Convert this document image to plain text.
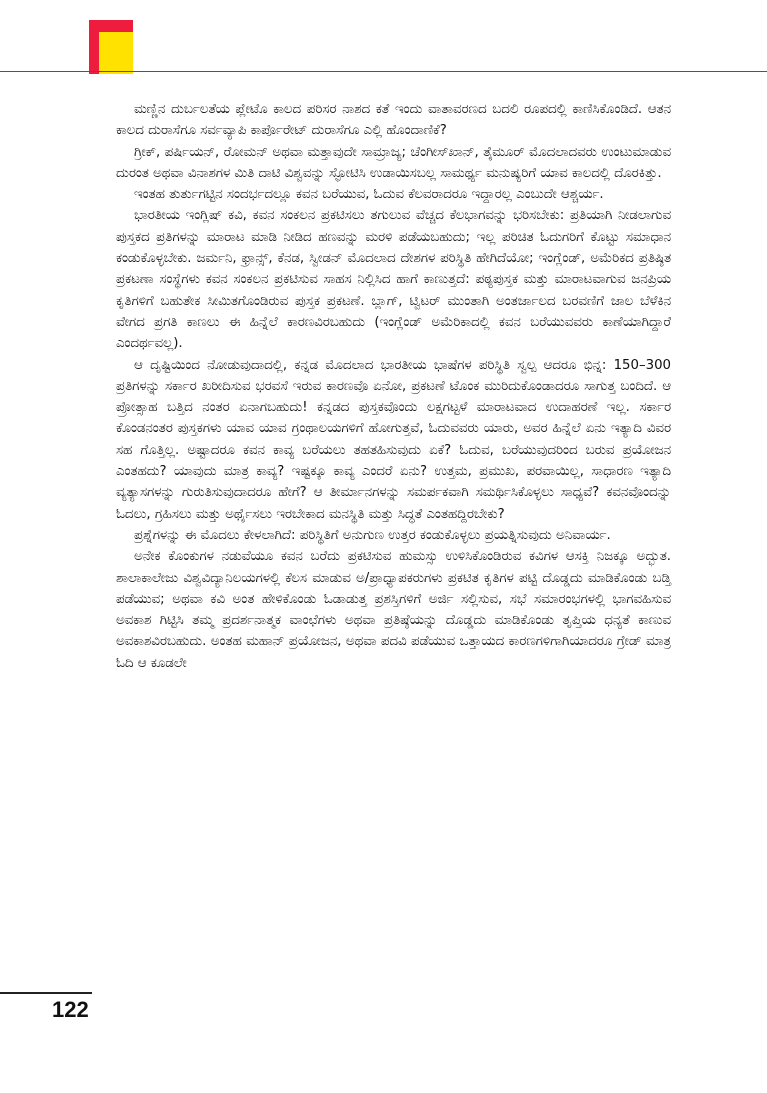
ಮಣ್ಣಿನ ದುರ್ಬಲತೆಯ ಪ್ಲೇಟೊ ಕಾಲದ ಪರಿಸರ ನಾಶದ ಕತೆ ಇಂದು ವಾತಾವರಣದ ಬದಲಿ ರೂಪದಲ್ಲಿ ಕಾಣಿಸಿಕೊಂಡಿದೆ. ಆತನ ಕಾಲದ ದುರಾಸೆಗೂ ಸರ್ವವ್ಯಾಪಿ ಕಾರ್ಪೊರೇಟ್ ದುರಾಸೆಗೂ ಎಲ್ಲಿ ಹೊಂದಾಣಿಕೆ?

ಗ್ರೀಕ್, ಪರ್ಷಿಯನ್, ರೋಮನ್ ಅಥವಾ ಮತ್ತಾವುದೇ ಸಾಮ್ರಾಜ್ಯ; ಚೆಂಗೀಸ್‌ಖಾನ್, ತೈಮೂರ್ ಮೊದಲಾದವರು ಉಂಟುಮಾಡುವ ದುರಂತ ಅಥವಾ ವಿನಾಶಗಳ ಮಿತಿ ದಾಟಿ ವಿಶ್ವವನ್ನು ಸ್ಫೋಟಿಸಿ ಉಡಾಯಿಸಬಲ್ಲ ಸಾಮರ್ಥ್ಯ ಮನುಷ್ಯರಿಗೆ ಯಾವ ಕಾಲದಲ್ಲಿ ದೊರಕಿತ್ತು.

ಇಂತಹ ತುರ್ತುಗಟ್ಟಿನ ಸಂದರ್ಭದಲ್ಲೂ ಕವನ ಬರೆಯುವ, ಓದುವ ಕೆಲವರಾದರೂ ಇದ್ದಾರಲ್ಲ ಎಂಬುದೇ ಆಶ್ಚರ್ಯ.

ಭಾರತೀಯ ಇಂಗ್ಲಿಷ್ ಕವಿ, ಕವನ ಸಂಕಲನ ಪ್ರಕಟಿಸಲು ತಗುಲುವ ವೆಚ್ಚದ ಕೆಲಭಾಗವನ್ನು ಭರಿಸಬೇಕು: ಪ್ರತಿಯಾಗಿ ನೀಡಲಾಗುವ ಪುಸ್ತಕದ ಪ್ರತಿಗಳನ್ನು ಮಾರಾಟ ಮಾಡಿ ನೀಡಿದ ಹಣವನ್ನು ಮರಳಿ ಪಡೆಯಬಹುದು; ಇಲ್ಲ ಪರಿಚಿತ ಓದುಗರಿಗೆ ಕೊಟ್ಟು ಸಮಾಧಾನ ಕಂಡುಕೊಳ್ಳಬೇಕು. ಜರ್ಮನಿ, ಫ್ರಾನ್ಸ್, ಕೆನಡ, ಸ್ವೀಡನ್ ಮೊದಲಾದ ದೇಶಗಳ ಪರಿಸ್ಥಿತಿ ಹೇಗಿದೆಯೋ; ಇಂಗ್ಲೆಂಡ್, ಅಮೆರಿಕದ ಪ್ರತಿಷ್ಠಿತ ಪ್ರಕಟಣಾ ಸಂಸ್ಥೆಗಳು ಕವನ ಸಂಕಲನ ಪ್ರಕಟಿಸುವ ಸಾಹಸ ನಿಲ್ಲಿಸಿದ ಹಾಗೆ ಕಾಣುತ್ತದೆ: ಪಠ್ಯಪುಸ್ತಕ ಮತ್ತು ಮಾರಾಟವಾಗುವ ಜನಪ್ರಿಯ ಕೃತಿಗಳಿಗೆ ಬಹುತೇಕ ಸೀಮಿತಗೊಂಡಿರುವ ಪುಸ್ತಕ ಪ್ರಕಟಣೆ. ಬ್ಲಾಗ್, ಟ್ವಿಟರ್ ಮುಂತಾಗಿ ಅಂತರ್ಜಾಲದ ಬರವಣಿಗೆ ಜಾಲ ಬೆಳೆಕಿನ ವೇಗದ ಪ್ರಗತಿ ಕಾಣಲು ಈ ಹಿನ್ನೆಲೆ ಕಾರಣವಿರಬಹುದು (ಇಂಗ್ಲೆಂಡ್ ಅಮೆರಿಕಾದಲ್ಲಿ ಕವನ ಬರೆಯುವವರು ಕಾಣೆಯಾಗಿದ್ದಾರೆ ಎಂದರ್ಥವಲ್ಲ).

ಆ ದೃಷ್ಟಿಯಿಂದ ನೋಡುವುದಾದಲ್ಲಿ, ಕನ್ನಡ ಮೊದಲಾದ ಭಾರತೀಯ ಭಾಷೆಗಳ ಪರಿಸ್ಥಿತಿ ಸ್ವಲ್ಪ ಆದರೂ ಭಿನ್ನ: 150–300 ಪ್ರತಿಗಳನ್ನು ಸರ್ಕಾರ ಖರೀದಿಸುವ ಭರವಸೆ ಇರುವ ಕಾರಣವೊ ಏನೋ, ಪ್ರಕಟಣೆ ಟೊಂಕ ಮುರಿದುಕೊಂಡಾದರೂ ಸಾಗುತ್ತ ಬಂದಿದೆ. ಆ ಪ್ರೋತ್ಸಾಹ ಬತ್ತಿದ ನಂತರ ಏನಾಗಬಹುದು! ಕನ್ನಡದ ಪುಸ್ತಕವೊಂದು ಲಕ್ಷಗಟ್ಟಳೆ ಮಾರಾಟವಾದ ಉದಾಹರಣೆ ಇಲ್ಲ. ಸರ್ಕಾರ ಕೊಂಡನಂತರ ಪುಸ್ತಕಗಳು ಯಾವ ಯಾವ ಗ್ರಂಥಾಲಯಗಳಿಗೆ ಹೋಗುತ್ತವೆ, ಓದುವವರು ಯಾರು, ಅವರ ಹಿನ್ನೆಲೆ ಏನು ಇತ್ಯಾದಿ ವಿವರ ಸಹ ಗೊತ್ತಿಲ್ಲ. ಅಷ್ಟಾದರೂ ಕವನ ಕಾವ್ಯ ಬರೆಯಲು ತಹತಹಿಸುವುದು ಏಕೆ? ಓದುವ, ಬರೆಯುವುದರಿಂದ ಬರುವ ಪ್ರಯೋಜನ ಎಂತಹದು? ಯಾವುದು ಮಾತ್ರ ಕಾವ್ಯ? ಇಷ್ಟಕ್ಕೂ ಕಾವ್ಯ ಎಂದರೆ ಏನು? ಉತ್ತಮ, ಪ್ರಮುಖ, ಪರವಾಯಿಲ್ಲ, ಸಾಧಾರಣ ಇತ್ಯಾದಿ ವ್ಯತ್ಯಾಸಗಳನ್ನು ಗುರುತಿಸುವುದಾದರೂ ಹೇಗೆ? ಆ ತೀರ್ಮಾನಗಳನ್ನು ಸಮರ್ಪಕವಾಗಿ ಸಮರ್ಥಿಸಿಕೊಳ್ಳಲು ಸಾಧ್ಯವೆ? ಕವನವೊಂದನ್ನು ಓದಲು, ಗ್ರಹಿಸಲು ಮತ್ತು ಅರ್ಥೈಸಲು ಇರಬೇಕಾದ ಮನಸ್ಥಿತಿ ಮತ್ತು ಸಿದ್ಧತೆ ಎಂತಹದ್ದಿರಬೇಕು?

ಪ್ರಶ್ನೆಗಳನ್ನು ಈ ಮೊದಲು ಕೇಳಲಾಗಿದೆ: ಪರಿಸ್ಥಿತಿಗೆ ಅನುಗುಣ ಉತ್ತರ ಕಂಡುಕೊಳ್ಳಲು ಪ್ರಯತ್ನಿಸುವುದು ಅನಿವಾರ್ಯ.

ಅನೇಕ ಕೊಂಕುಗಳ ನಡುವೆಯೂ ಕವನ ಬರೆದು ಪ್ರಕಟಿಸುವ ಹುಮಸ್ಸು ಉಳಿಸಿಕೊಂಡಿರುವ ಕವಿಗಳ ಆಸಕ್ತಿ ನಿಜಕ್ಕೂ ಅದ್ಭುತ. ಶಾಲಾಕಾಲೇಜು ವಿಶ್ವವಿದ್ಯಾನಿಲಯಗಳಲ್ಲಿ ಕೆಲಸ ಮಾಡುವ ಅ/ಪ್ರಾಧ್ಯಾಪಕರುಗಳು ಪ್ರಕಟಿತ ಕೃತಿಗಳ ಪಟ್ಟಿ ದೊಡ್ಡದು ಮಾಡಿಕೊಂಡು ಬಡ್ತಿ ಪಡೆಯುವ; ಅಥವಾ ಕವಿ ಅಂತ ಹೇಳಿಕೊಂಡು ಓಡಾಡುತ್ತ ಪ್ರಶಸ್ತಿಗಳಿಗೆ ಅರ್ಜಿ ಸಲ್ಲಿಸುವ, ಸಭೆ ಸಮಾರಂಭಗಳಲ್ಲಿ ಭಾಗವಹಿಸುವ ಅವಕಾಶ ಗಿಟ್ಟಿಸಿ ತಮ್ಮ ಪ್ರದರ್ಶನಾತ್ಮಕ ವಾಂಛೆಗಳು ಅಥವಾ ಪ್ರತಿಷ್ಠೆಯನ್ನು ದೊಡ್ಡದು ಮಾಡಿಕೊಂಡು ತೃಪ್ತಿಯ ಧನ್ಯತೆ ಕಾಣುವ ಅವಕಾಶವಿರಬಹುದು. ಅಂತಹ ಮಹಾನ್ ಪ್ರಯೋಜನ, ಅಥವಾ ಪದವಿ ಪಡೆಯುವ ಒತ್ತಾಯದ ಕಾರಣಗಳಿಗಾಗಿಯಾದರೂ ಗ್ರೇಡ್ ಮಾತ್ರ ಓದಿ ಆ ಕೂಡಲೇ

122
